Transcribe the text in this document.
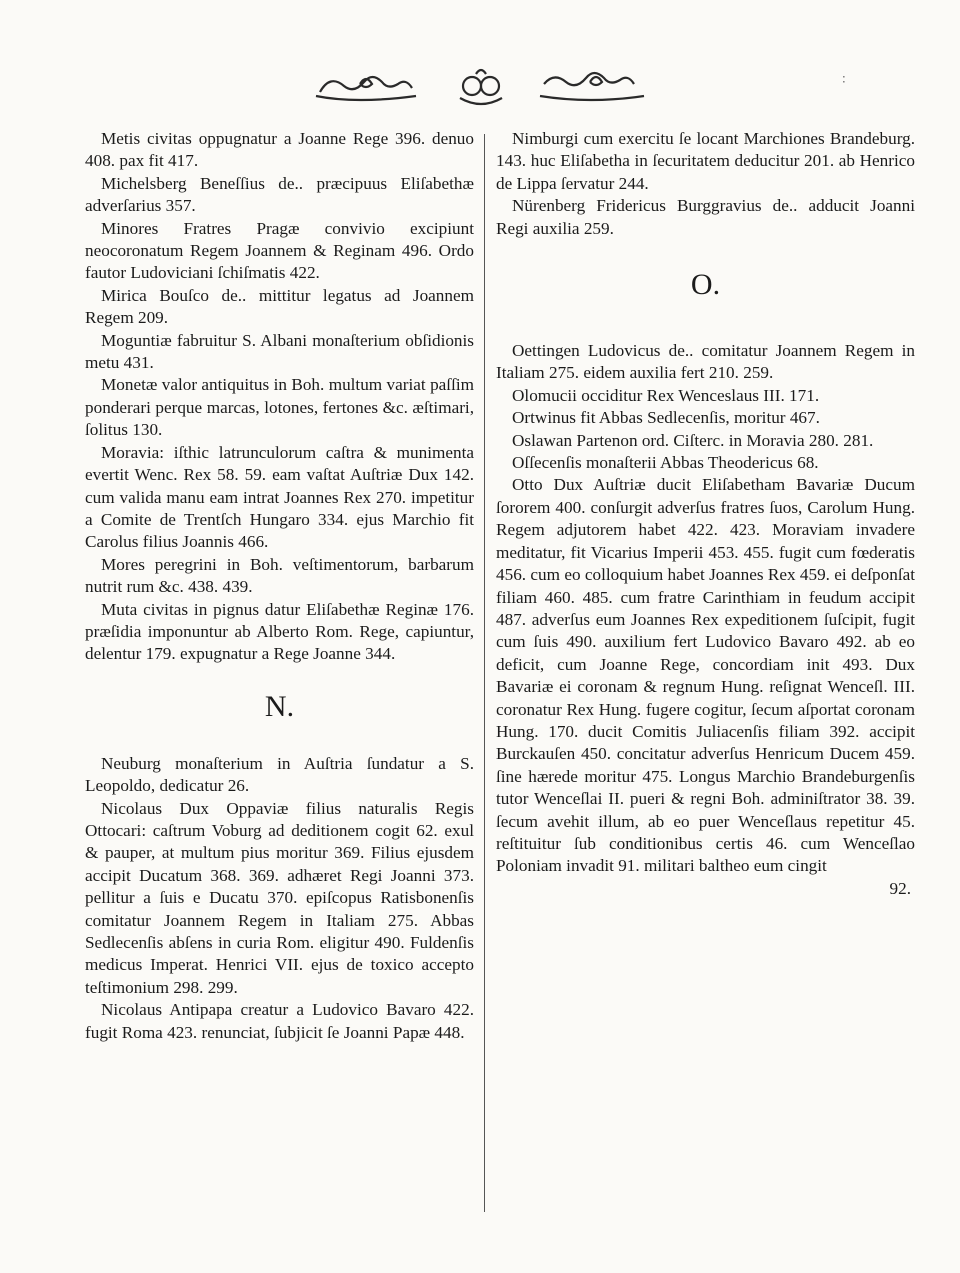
∶

Metis civitas oppugnatur a Joanne Rege 396. denuo 408. pax fit 417.

Michelsberg Beneſſius de.. præcipuus Eliſabethæ adverſarius 357.

Minores Fratres Pragæ convivio excipiunt neocoronatum Regem Joannem & Reginam 496. Ordo fautor Ludoviciani ſchiſmatis 422.

Mirica Bouſco de.. mittitur legatus ad Joannem Regem 209.

Moguntiæ fabruitur S. Albani monaſterium obſidionis metu 431.

Monetæ valor antiquitus in Boh. multum variat paſſim ponderari perque marcas, lotones, fertones &c. æſtimari, ſolitus 130.

Moravia: iſthic latrunculorum caſtra & munimenta evertit Wenc. Rex 58. 59. eam vaſtat Auſtriæ Dux 142. cum valida manu eam intrat Joannes Rex 270. impetitur a Comite de Trentſch Hungaro 334. ejus Marchio fit Carolus filius Joannis 466.

Mores peregrini in Boh. veſtimentorum, barbarum nutrit rum &c. 438. 439.

Muta civitas in pignus datur Eliſabethæ Reginæ 176. præſidia imponuntur ab Alberto Rom. Rege, capiuntur, delentur 179. expugnatur a Rege Joanne 344.

N.

Neuburg monaſterium in Auſtria ſundatur a S. Leopoldo, dedicatur 26.

Nicolaus Dux Oppaviæ filius naturalis Regis Ottocari: caſtrum Voburg ad deditionem cogit 62. exul & pauper, at multum pius moritur 369. Filius ejusdem accipit Ducatum 368. 369. adhæret Regi Joanni 373. pellitur a ſuis e Ducatu 370. epiſcopus Ratisbonenſis comitatur Joannem Regem in Italiam 275. Abbas Sedlecenſis abſens in curia Rom. eligitur 490. Fuldenſis medicus Imperat. Henrici VII. ejus de toxico accepto teſtimonium 298. 299.

Nicolaus Antipapa creatur a Ludovico Bavaro 422. fugit Roma 423. renunciat, ſubjicit ſe Joanni Papæ 448.

Nimburgi cum exercitu ſe locant Marchiones Brandeburg. 143. huc Eliſabetha in ſecuritatem deducitur 201. ab Henrico de Lippa ſervatur 244.

Nürenberg Fridericus Burggravius de.. adducit Joanni Regi auxilia 259.

O.

Oettingen Ludovicus de.. comitatur Joannem Regem in Italiam 275. eidem auxilia fert 210. 259.

Olomucii occiditur Rex Wenceslaus III. 171.

Ortwinus fit Abbas Sedlecenſis, moritur 467.

Oslawan Partenon ord. Ciſterc. in Moravia 280. 281.

Oſſecenſis monaſterii Abbas Theodericus 68.

Otto Dux Auſtriæ ducit Eliſabetham Bavariæ Ducum ſororem 400. conſurgit adverſus fratres ſuos, Carolum Hung. Regem adjutorem habet 422. 423. Moraviam invadere meditatur, fit Vicarius Imperii 453. 455. fugit cum fœderatis 456. cum eo colloquium habet Joannes Rex 459. ei deſponſat filiam 460. 485. cum fratre Carinthiam in feudum accipit 487. adverſus eum Joannes Rex expeditionem ſuſcipit, fugit cum ſuis 490. auxilium fert Ludovico Bavaro 492. ab eo deficit, cum Joanne Rege, concordiam init 493. Dux Bavariæ ei coronam & regnum Hung. reſignat Wenceſl. III. coronatur Rex Hung. fugere cogitur, ſecum aſportat coronam Hung. 170. ducit Comitis Juliacenſis filiam 392. accipit Burckauſen 450. concitatur adverſus Henricum Ducem 459. ſine hærede moritur 475. Longus Marchio Brandeburgenſis tutor Wenceſlai II. pueri & regni Boh. adminiſtrator 38. 39. ſecum avehit illum, ab eo puer Wenceſlaus repetitur 45. reſtituitur ſub conditionibus certis 46. cum Wenceſlao Poloniam invadit 91. militari baltheo eum cingit

92.
